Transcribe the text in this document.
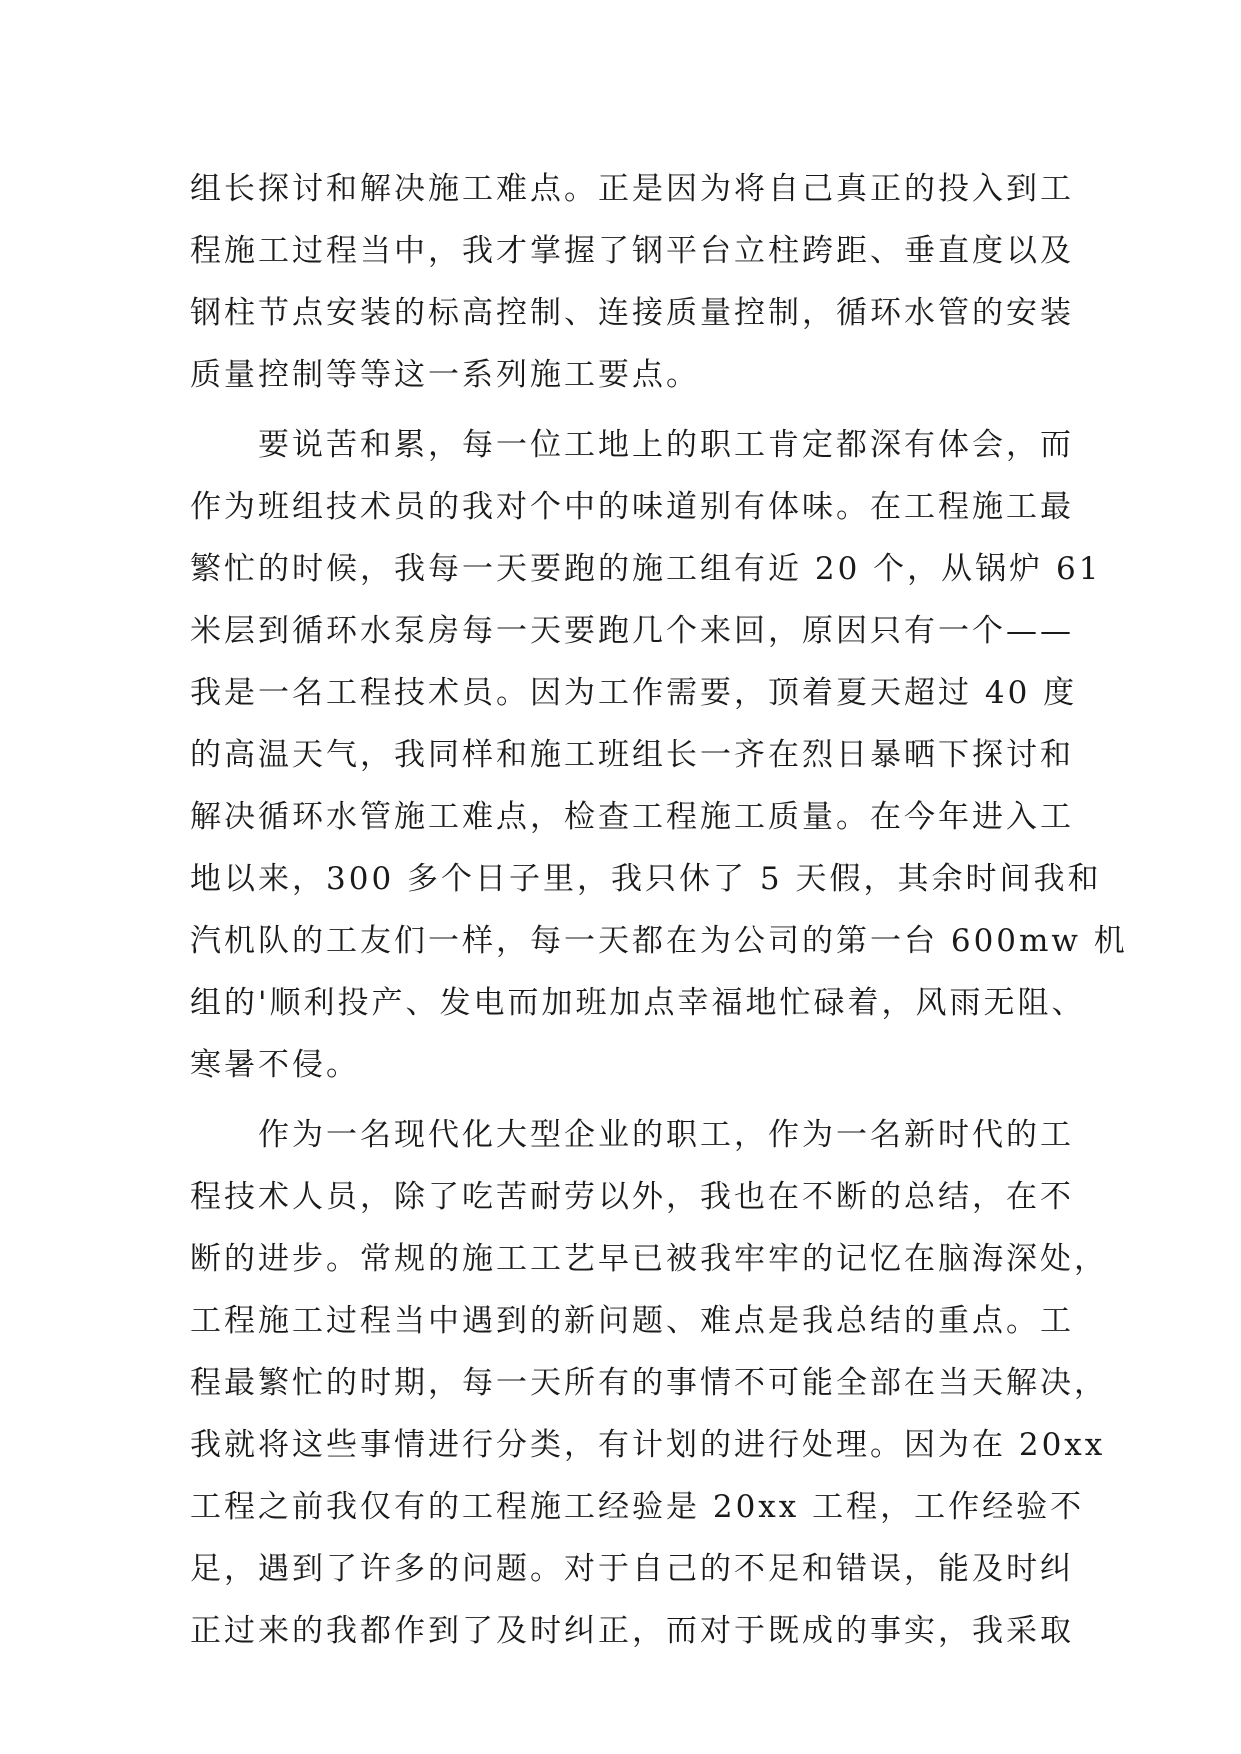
组长探讨和解决施工难点。正是因为将自己真正的投入到工
程施工过程当中，我才掌握了钢平台立柱跨距、垂直度以及
钢柱节点安装的标高控制、连接质量控制，循环水管的安装
质量控制等等这一系列施工要点。
　　要说苦和累，每一位工地上的职工肯定都深有体会，而
作为班组技术员的我对个中的味道别有体味。在工程施工最
繁忙的时候，我每一天要跑的施工组有近 20 个，从锅炉 61
米层到循环水泵房每一天要跑几个来回，原因只有一个——
我是一名工程技术员。因为工作需要，顶着夏天超过 40 度
的高温天气，我同样和施工班组长一齐在烈日暴晒下探讨和
解决循环水管施工难点，检查工程施工质量。在今年进入工
地以来，300 多个日子里，我只休了 5 天假，其余时间我和
汽机队的工友们一样，每一天都在为公司的第一台 600mw 机
组的'顺利投产、发电而加班加点幸福地忙碌着，风雨无阻、
寒暑不侵。
　　作为一名现代化大型企业的职工，作为一名新时代的工
程技术人员，除了吃苦耐劳以外，我也在不断的总结，在不
断的进步。常规的施工工艺早已被我牢牢的记忆在脑海深处，
工程施工过程当中遇到的新问题、难点是我总结的重点。工
程最繁忙的时期，每一天所有的事情不可能全部在当天解决，
我就将这些事情进行分类，有计划的进行处理。因为在 20xx
工程之前我仅有的工程施工经验是 20xx 工程，工作经验不
足，遇到了许多的问题。对于自己的不足和错误，能及时纠
正过来的我都作到了及时纠正，而对于既成的事实，我采取
